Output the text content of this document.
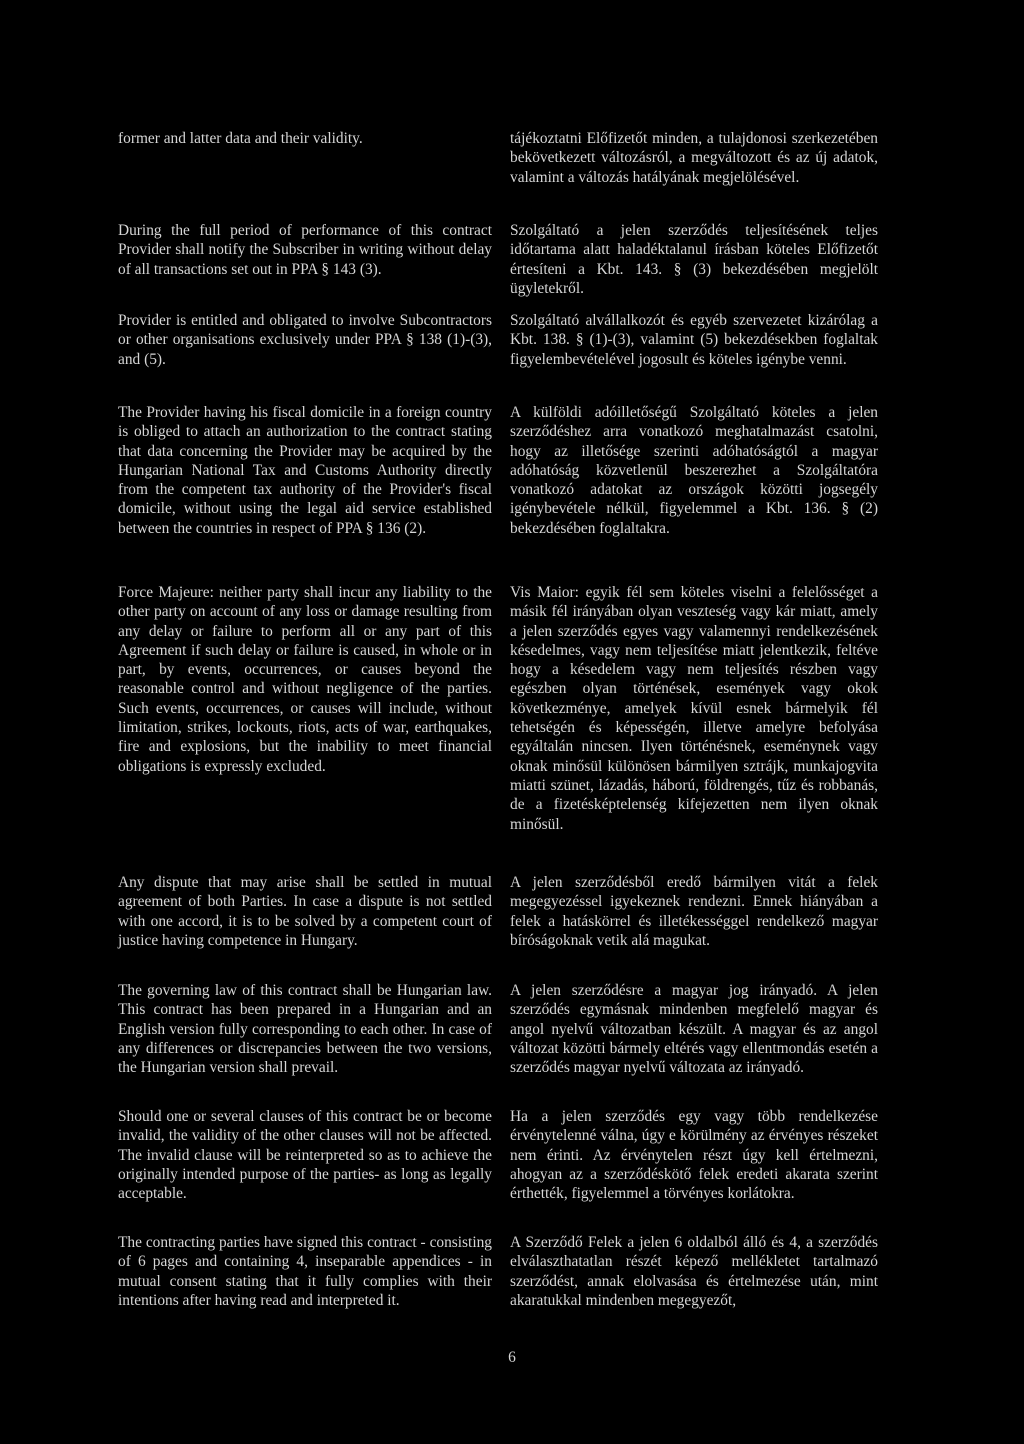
former and latter data and their validity.	tájékoztatni Előfizetőt minden, a tulajdonosi szerkezetében bekövetkezett változásról, a megváltozott és az új adatok, valamint a változás hatályának megjelölésével.

During the full period of performance of this contract Provider shall notify the Subscriber in writing without delay of all transactions set out in PPA § 143 (3).

Szolgáltató a jelen szerződés teljesítésének teljes időtartama alatt haladéktalanul írásban köteles Előfizetőt értesíteni a Kbt. 143. § (3) bekezdésében megjelölt ügyletekről.

Provider is entitled and obligated to involve Subcontractors or other organisations exclusively under PPA § 138 (1)-(3), and (5).

Szolgáltató alvállalkozót és egyéb szervezetet kizárólag a Kbt. 138. § (1)-(3), valamint (5) bekezdésekben foglaltak figyelembevételével jogosult és köteles igénybe venni.

The Provider having his fiscal domicile in a foreign country is obliged to attach an authorization to the contract stating that data concerning the Provider may be acquired by the Hungarian National Tax and Customs Authority directly from the competent tax authority of the Provider's fiscal domicile, without using the legal aid service established between the countries in respect of PPA § 136 (2).

A külföldi adóilletőségű Szolgáltató köteles a jelen szerződéshez arra vonatkozó meghatalmazást csatolni, hogy az illetősége szerinti adóhatóságtól a magyar adóhatóság közvetlenül beszerezhet a Szolgáltatóra vonatkozó adatokat az országok közötti jogsegély igénybevétele nélkül, figyelemmel a Kbt. 136. § (2) bekezdésében foglaltakra.

Force Majeure: neither party shall incur any liability to the other party on account of any loss or damage resulting from any delay or failure to perform all or any part of this Agreement if such delay or failure is caused, in whole or in part, by events, occurrences, or causes beyond the reasonable control and without negligence of the parties. Such events, occurrences, or causes will include, without limitation, strikes, lockouts, riots, acts of war, earthquakes, fire and explosions, but the inability to meet financial obligations is expressly excluded.

Vis Maior: egyik fél sem köteles viselni a felelősséget a másik fél irányában olyan veszteség vagy kár miatt, amely a jelen szerződés egyes vagy valamennyi rendelkezésének késedelmes, vagy nem teljesítése miatt jelentkezik, feltéve hogy a késedelem vagy nem teljesítés részben vagy egészben olyan történések, események vagy okok következménye, amelyek kívül esnek bármelyik fél tehetségén és képességén, illetve amelyre befolyása egyáltalán nincsen. Ilyen történésnek, eseménynek vagy oknak minősül különösen bármilyen sztrájk, munkajogvita miatti szünet, lázadás, háború, földrengés, tűz és robbanás, de a fizetésképtelenség kifejezetten nem ilyen oknak minősül.

Any dispute that may arise shall be settled in mutual agreement of both Parties. In case a dispute is not settled with one accord, it is to be solved by a competent court of justice having competence in Hungary.

A jelen szerződésből eredő bármilyen vitát a felek megegyezéssel igyekeznek rendezni. Ennek hiányában a felek a hatáskörrel és illetékességgel rendelkező magyar bíróságoknak vetik alá magukat.

The governing law of this contract shall be Hungarian law. This contract has been prepared in a Hungarian and an English version fully corresponding to each other. In case of any differences or discrepancies between the two versions, the Hungarian version shall prevail.

A jelen szerződésre a magyar jog irányadó. A jelen szerződés egymásnak mindenben megfelelő magyar és angol nyelvű változatban készült. A magyar és az angol változat közötti bármely eltérés vagy ellentmondás esetén a szerződés magyar nyelvű változata az irányadó.

Should one or several clauses of this contract be or become invalid, the validity of the other clauses will not be affected. The invalid clause will be reinterpreted so as to achieve the originally intended purpose of the parties- as long as legally acceptable.

Ha a jelen szerződés egy vagy több rendelkezése érvénytelenné válna, úgy e körülmény az érvényes részeket nem érinti. Az érvénytelen részt úgy kell értelmezni, ahogyan az a szerződéskötő felek eredeti akarata szerint érthették, figyelemmel a törvényes korlátokra.

The contracting parties have signed this contract - consisting of 6 pages and containing 4, inseparable appendices - in mutual consent stating that it fully complies with their intentions after having read and interpreted it.

A Szerződő Felek a jelen 6 oldalból álló és 4, a szerződés elválaszthatatlan részét képező mellékletet tartalmazó szerződést, annak elolvasása és értelmezése után, mint akaratukkal mindenben megegyezőt,

6
